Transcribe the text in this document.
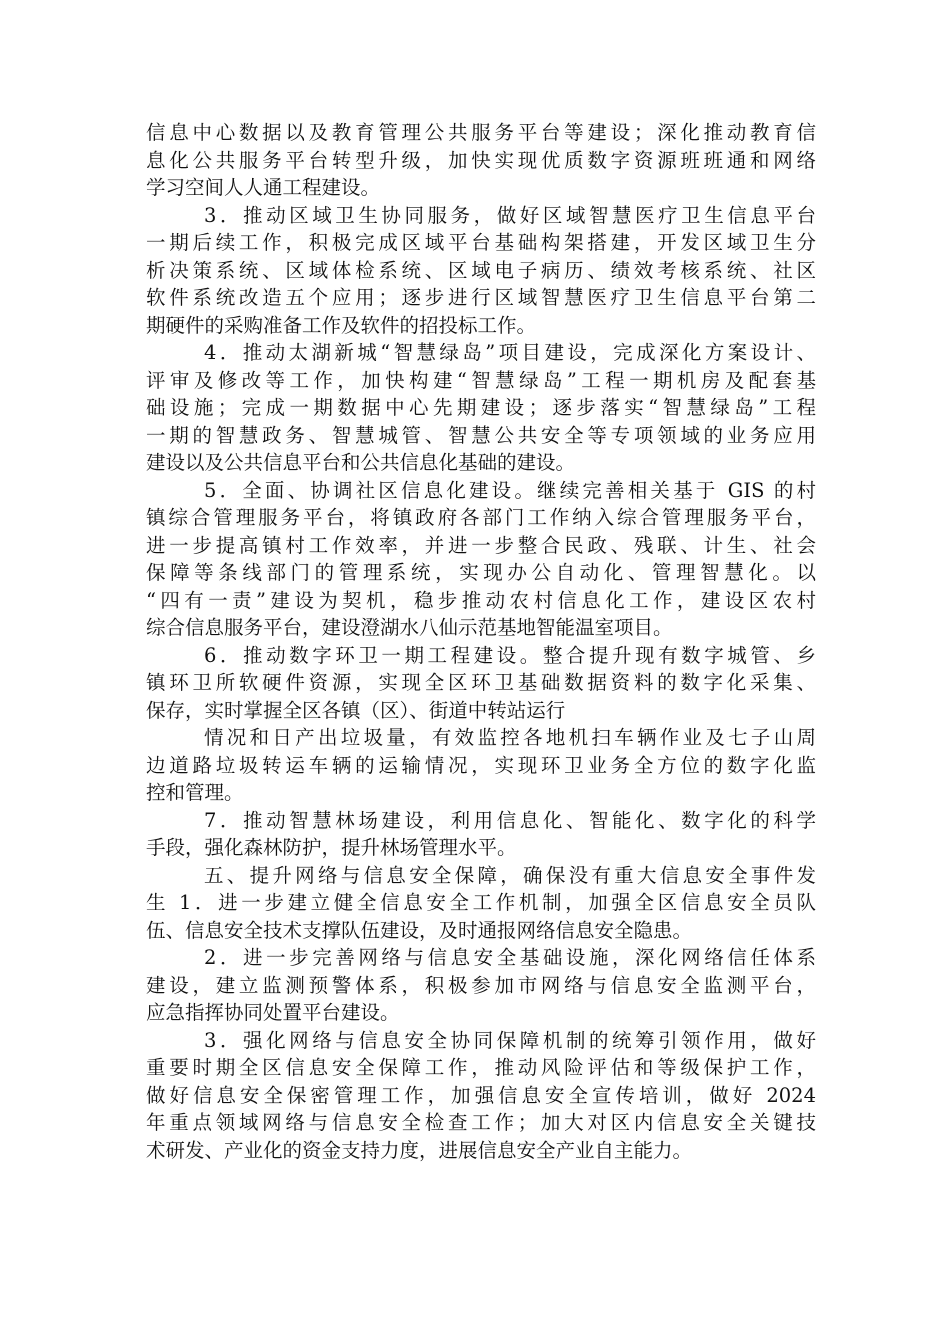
信息中心数据以及教育管理公共服务平台等建设；深化推动教育信
息化公共服务平台转型升级，加快实现优质数字资源班班通和网络
学习空间人人通工程建设。
3．推动区域卫生协同服务，做好区域智慧医疗卫生信息平台
一期后续工作，积极完成区域平台基础构架搭建，开发区域卫生分
析决策系统、区域体检系统、区域电子病历、绩效考核系统、社区
软件系统改造五个应用；逐步进行区域智慧医疗卫生信息平台第二
期硬件的采购准备工作及软件的招投标工作。
4．推动太湖新城“智慧绿岛”项目建设，完成深化方案设计、
评审及修改等工作，加快构建“智慧绿岛”工程一期机房及配套基
础设施；完成一期数据中心先期建设；逐步落实“智慧绿岛”工程
一期的智慧政务、智慧城管、智慧公共安全等专项领域的业务应用
建设以及公共信息平台和公共信息化基础的建设。
5．全面、协调社区信息化建设。继续完善相关基于 GIS 的村
镇综合管理服务平台，将镇政府各部门工作纳入综合管理服务平台，
进一步提高镇村工作效率，并进一步整合民政、残联、计生、社会
保障等条线部门的管理系统，实现办公自动化、管理智慧化。以
“四有一责”建设为契机，稳步推动农村信息化工作，建设区农村
综合信息服务平台，建设澄湖水八仙示范基地智能温室项目。
6．推动数字环卫一期工程建设。整合提升现有数字城管、乡
镇环卫所软硬件资源，实现全区环卫基础数据资料的数字化采集、
保存，实时掌握全区各镇（区）、街道中转站运行
情况和日产出垃圾量，有效监控各地机扫车辆作业及七子山周
边道路垃圾转运车辆的运输情况，实现环卫业务全方位的数字化监
控和管理。
7．推动智慧林场建设，利用信息化、智能化、数字化的科学
手段，强化森林防护，提升林场管理水平。
五、提升网络与信息安全保障，确保没有重大信息安全事件发
生 1．进一步建立健全信息安全工作机制，加强全区信息安全员队
伍、信息安全技术支撑队伍建设，及时通报网络信息安全隐患。
2．进一步完善网络与信息安全基础设施，深化网络信任体系
建设，建立监测预警体系，积极参加市网络与信息安全监测平台，
应急指挥协同处置平台建设。
3．强化网络与信息安全协同保障机制的统筹引领作用，做好
重要时期全区信息安全保障工作，推动风险评估和等级保护工作，
做好信息安全保密管理工作，加强信息安全宣传培训，做好 2024
年重点领域网络与信息安全检查工作；加大对区内信息安全关键技
术研发、产业化的资金支持力度，进展信息安全产业自主能力。
